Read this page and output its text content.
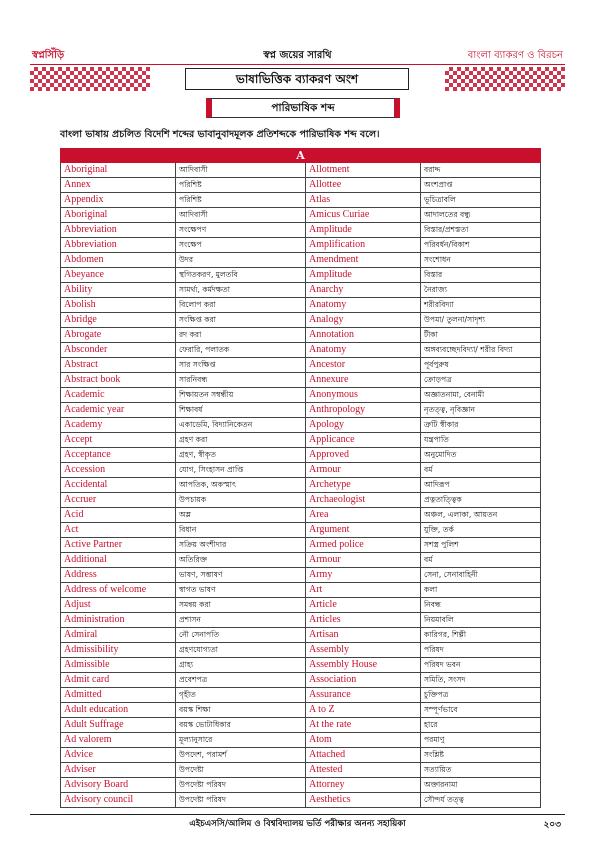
স্বপ্নসিঁড়ি	স্বপ্ন জয়ের সারথি	বাংলা ব্যাকরণ ও বিরচন
ভাষাভিত্তিক ব্যাকরণ অংশ
পারিভাষিক শব্দ
বাংলা ভাষায় প্রচলিত বিদেশি শব্দের ভাবানুবাদমূলক প্রতিশব্দকে পারিভাষিক শব্দ বলে।
A			
Aboriginal	আদিবাসী	Allotment	বরাদ্দ
Annex	পরিশিষ্ট	Allottee	অংশপ্রাপ্ত
Appendix	পরিশিষ্ট	Atlas	ভূচিত্রাবলি
Aboriginal	আদিবাসী	Amicus Curiae	আদালতের বন্ধু
Abbreviation	সংক্ষেপণ	Amplitude	বিস্তার/প্রশস্ততা
Abbreviation	সংক্ষেপ	Amplification	পরিবর্ধন/বিকাশ
Abdomen	উদর	Amendment	সংশোধন
Abeyance	স্থগিতকরণ, মুলতবি	Amplitude	বিস্তার
Ability	সামর্থ্য, কর্মদক্ষতা	Anarchy	নৈরাজ্য
Abolish	বিলোপ করা	Anatomy	শরীরবিদ্যা
Abridge	সংক্ষিপ্ত করা	Analogy	উপমা/ তুলনা/সাদৃশ্য
Abrogate	রদ করা	Annotation	টীকা
Absconder	ফেরারি, পলাতক	Anatomy	অঙ্গব্যবচ্ছেদবিদ্যা/ শরীর বিদ্যা
Abstract	সার সংক্ষিপ্ত	Ancestor	পূর্বপুরুষ
Abstract book	সারনিবন্ধ	Annexure	ক্রোড়পত্র
Academic	শিক্ষায়তন সম্বন্ধীয়	Anonymous	অজ্ঞাতনামা, বেনামী
Academic year	শিক্ষাবর্ষ	Anthropology	নৃতত্ত্ব, নৃবিজ্ঞান
Academy	একাডেমি, বিদ্যানিকেতন	Apology	ত্রুটি স্বীকার
Accept	গ্রহণ করা	Applicance	যন্ত্রপাতি
Acceptance	গ্রহণ, স্বীকৃত	Approved	অনুমোদিত
Accession	যোগ, সিংহাসন প্রাপ্তি	Armour	বর্ম
Accidental	আপতিক, অকস্মাৎ	Archetype	আদিরূপ
Accruer	উপচায়ক	Archaeologist	প্রত্নতাত্ত্বিক
Acid	অম্ল	Area	অঞ্চল, এলাকা, আয়তন
Act	বিধান	Argument	যুক্তি, তর্ক
Active Partner	সক্রিয় অংশীদার	Armed police	সশস্ত্র পুলিশ
Additional	অতিরিক্ত	Armour	বর্ম
Address	ভাষণ, সম্ভাষণ	Army	সেনা, সেনাবাহিনী
Address of welcome	স্বাগত ভাষণ	Art	কলা
Adjust	সমন্বয় করা	Article	নিবন্ধ
Administration	প্রশাসন	Articles	নিয়মাবলি
Admiral	নৌ সেনাপতি	Artisan	কারিগর, শিল্পী
Admissibility	গ্রহণযোগ্যতা	Assembly	পরিষদ
Admissible	গ্রাহ্য	Assembly House	পরিষদ ভবন
Admit card	প্রবেশপত্র	Association	সমিতি, সংসদ
Admitted	গৃহীত	Assurance	চুক্তিপত্র
Adult education	বয়স্ক শিক্ষা	A to Z	সম্পূর্ণভাবে
Adult Suffrage	বয়স্ক ভোটাধিকার	At the rate	হারে
Ad valorem	মূল্যানুসারে	Atom	পরমাণু
Advice	উপদেশ, পরামর্শ	Attached	সংশ্লিষ্ট
Adviser	উপদেষ্টা	Attested	সত্যায়িত
Advisory Board	উপদেষ্টা পরিষদ	Attorney	অক্তারনামা
Advisory council	উপদেষ্টা পরিষদ	Aesthetics	সৌন্দর্য তত্ত্ব
এইচএসসি/আলিম ও বিশ্ববিদ্যালয় ভর্তি পরীক্ষার অনন্য সহায়িকা	২০৩
